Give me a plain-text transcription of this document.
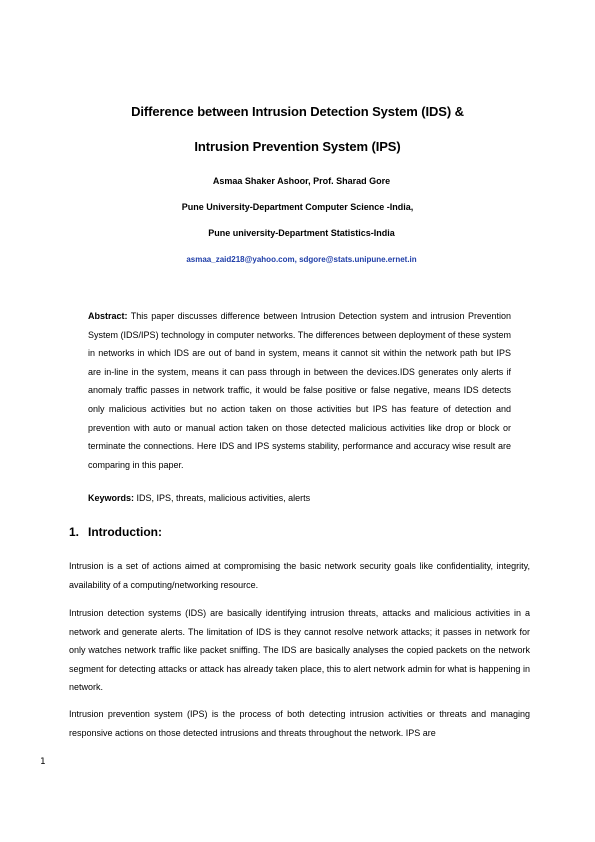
Difference between Intrusion Detection System (IDS) &
Intrusion Prevention System (IPS)
Asmaa Shaker Ashoor, Prof. Sharad Gore
Pune University-Department Computer Science -India,
Pune university-Department Statistics-India
asmaa_zaid218@yahoo.com, sdgore@stats.unipune.ernet.in

Abstract: This paper discusses difference between Intrusion Detection system and intrusion Prevention System (IDS/IPS) technology in computer networks. The differences between deployment of these system in networks in which IDS are out of band in system, means it cannot sit within the network path but IPS are in-line in the system, means it can pass through in between the devices.IDS generates only alerts if anomaly traffic passes in network traffic, it would be false positive or false negative, means IDS detects only malicious activities but no action taken on those activities but IPS has feature of detection and prevention with auto or manual action taken on those detected malicious activities like drop or block or terminate the connections. Here IDS and IPS systems stability, performance and accuracy wise result are comparing in this paper.

Keywords: IDS, IPS, threats, malicious activities, alerts

1. Introduction:

Intrusion is a set of actions aimed at compromising the basic network security goals like confidentiality, integrity, availability of a computing/networking resource.

Intrusion detection systems (IDS) are basically identifying intrusion threats, attacks and malicious activities in a network and generate alerts. The limitation of IDS is they cannot resolve network attacks; it passes in network for only watches network traffic like packet sniffing. The IDS are basically analyses the copied packets on the network segment for detecting attacks or attack has already taken place, this to alert network admin for what is happening in network.

Intrusion prevention system (IPS) is the process of both detecting intrusion activities or threats and managing responsive actions on those detected intrusions and threats throughout the network. IPS are

1
